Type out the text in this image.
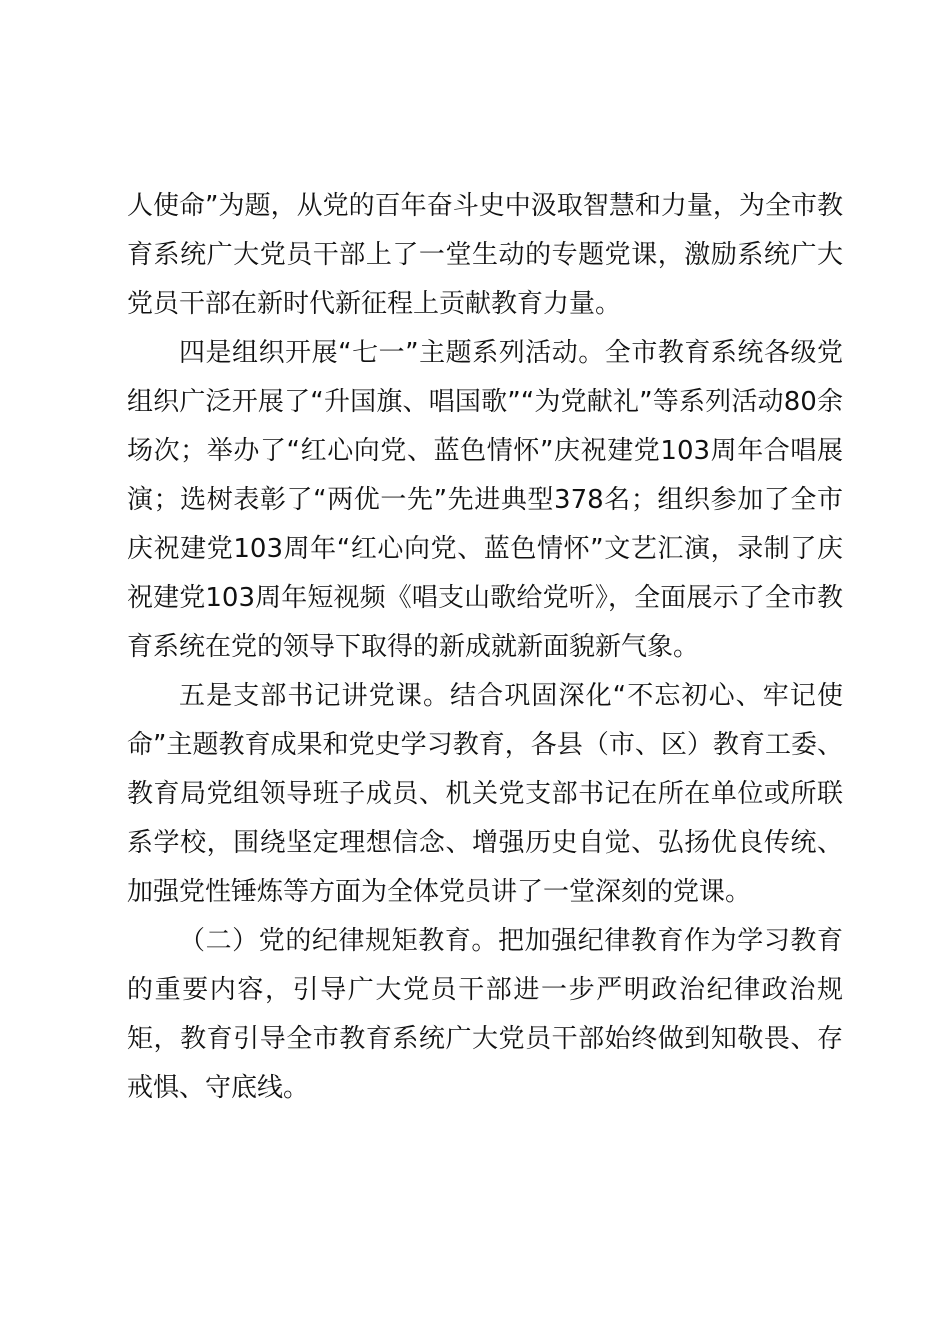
人使命”为题，从党的百年奋斗史中汲取智慧和力量，为全市教育系统广大党员干部上了一堂生动的专题党课，激励系统广大党员干部在新时代新征程上贡献教育力量。

四是组织开展“七一”主题系列活动。全市教育系统各级党组织广泛开展了“升国旗、唱国歌”“为党献礼”等系列活动80余场次；举办了“红心向党、蓝色情怀”庆祝建党103周年合唱展演；选树表彰了“两优一先”先进典型378名；组织参加了全市庆祝建党103周年“红心向党、蓝色情怀”文艺汇演，录制了庆祝建党103周年短视频《唱支山歌给党听》，全面展示了全市教育系统在党的领导下取得的新成就新面貌新气象。

五是支部书记讲党课。结合巩固深化“不忘初心、牢记使命”主题教育成果和党史学习教育，各县（市、区）教育工委、教育局党组领导班子成员、机关党支部书记在所在单位或所联系学校，围绕坚定理想信念、增强历史自觉、弘扬优良传统、加强党性锤炼等方面为全体党员讲了一堂深刻的党课。

（二）党的纪律规矩教育。把加强纪律教育作为学习教育的重要内容，引导广大党员干部进一步严明政治纪律政治规矩，教育引导全市教育系统广大党员干部始终做到知敬畏、存戒惧、守底线。
